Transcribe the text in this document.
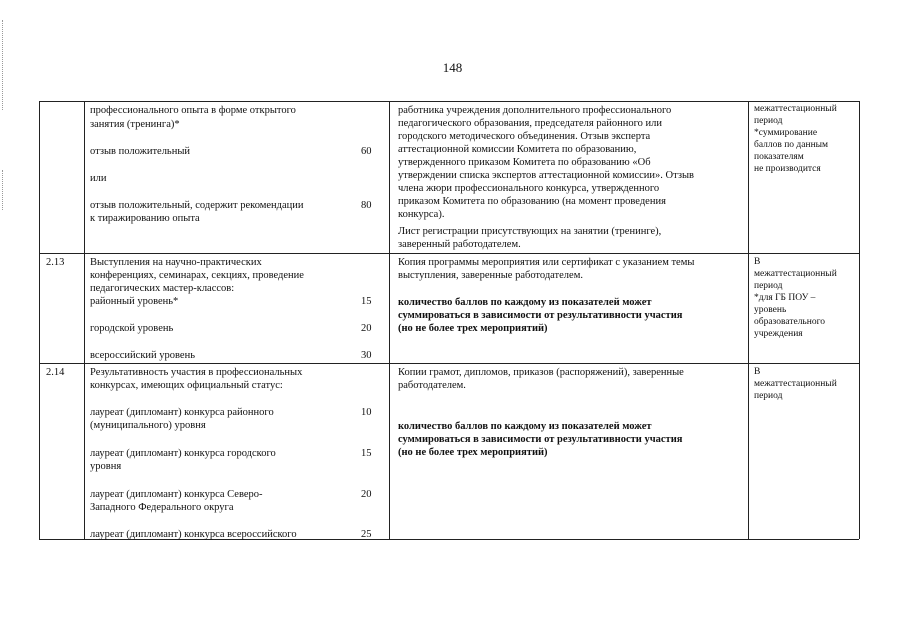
148
профессионального опыта в форме открытого
занятия (тренинга)*
отзыв положительный
или
отзыв положительный, содержит рекомендации
к тиражированию опыта
60
80
работника учреждения дополнительного профессионального
педагогического образования, председателя районного или
городского методического объединения. Отзыв эксперта
аттестационной комиссии Комитета по образованию,
утвержденного приказом Комитета по образованию «Об
утверждении списка экспертов аттестационной комиссии». Отзыв
члена жюри профессионального конкурса, утвержденного
приказом Комитета по образованию (на момент проведения
конкурса).
Лист регистрации присутствующих на занятии (тренинге),
заверенный работодателем.
межаттестационный
период
*суммирование
баллов по данным
показателям
не производится
2.13 Выступления на научно-практических
конференциях, семинарах, секциях, проведение
педагогических мастер-классов:
районный уровень*
городской уровень
всероссийский уровень
15
20
30
Копия программы мероприятия или сертификат с указанием темы
выступления, заверенные работодателем.
количество баллов по каждому из показателей может
суммироваться в зависимости от результативности участия
(но не более трех мероприятий)
В
межаттестационный
период
*для ГБ ПОУ –
уровень
образовательного
учреждения
2.14 Результативность участия в профессиональных
конкурсах, имеющих официальный статус:
лауреат (дипломант) конкурса районного
(муниципального) уровня
лауреат (дипломант) конкурса городского
уровня
лауреат (дипломант) конкурса Северо-
Западного Федерального округа
лауреат (дипломант) конкурса всероссийского
10
15
20
25
Копии грамот, дипломов, приказов (распоряжений), заверенные
работодателем.
количество баллов по каждому из показателей может
суммироваться в зависимости от результативности участия
(но не более трех мероприятий)
В
межаттестационный
период
